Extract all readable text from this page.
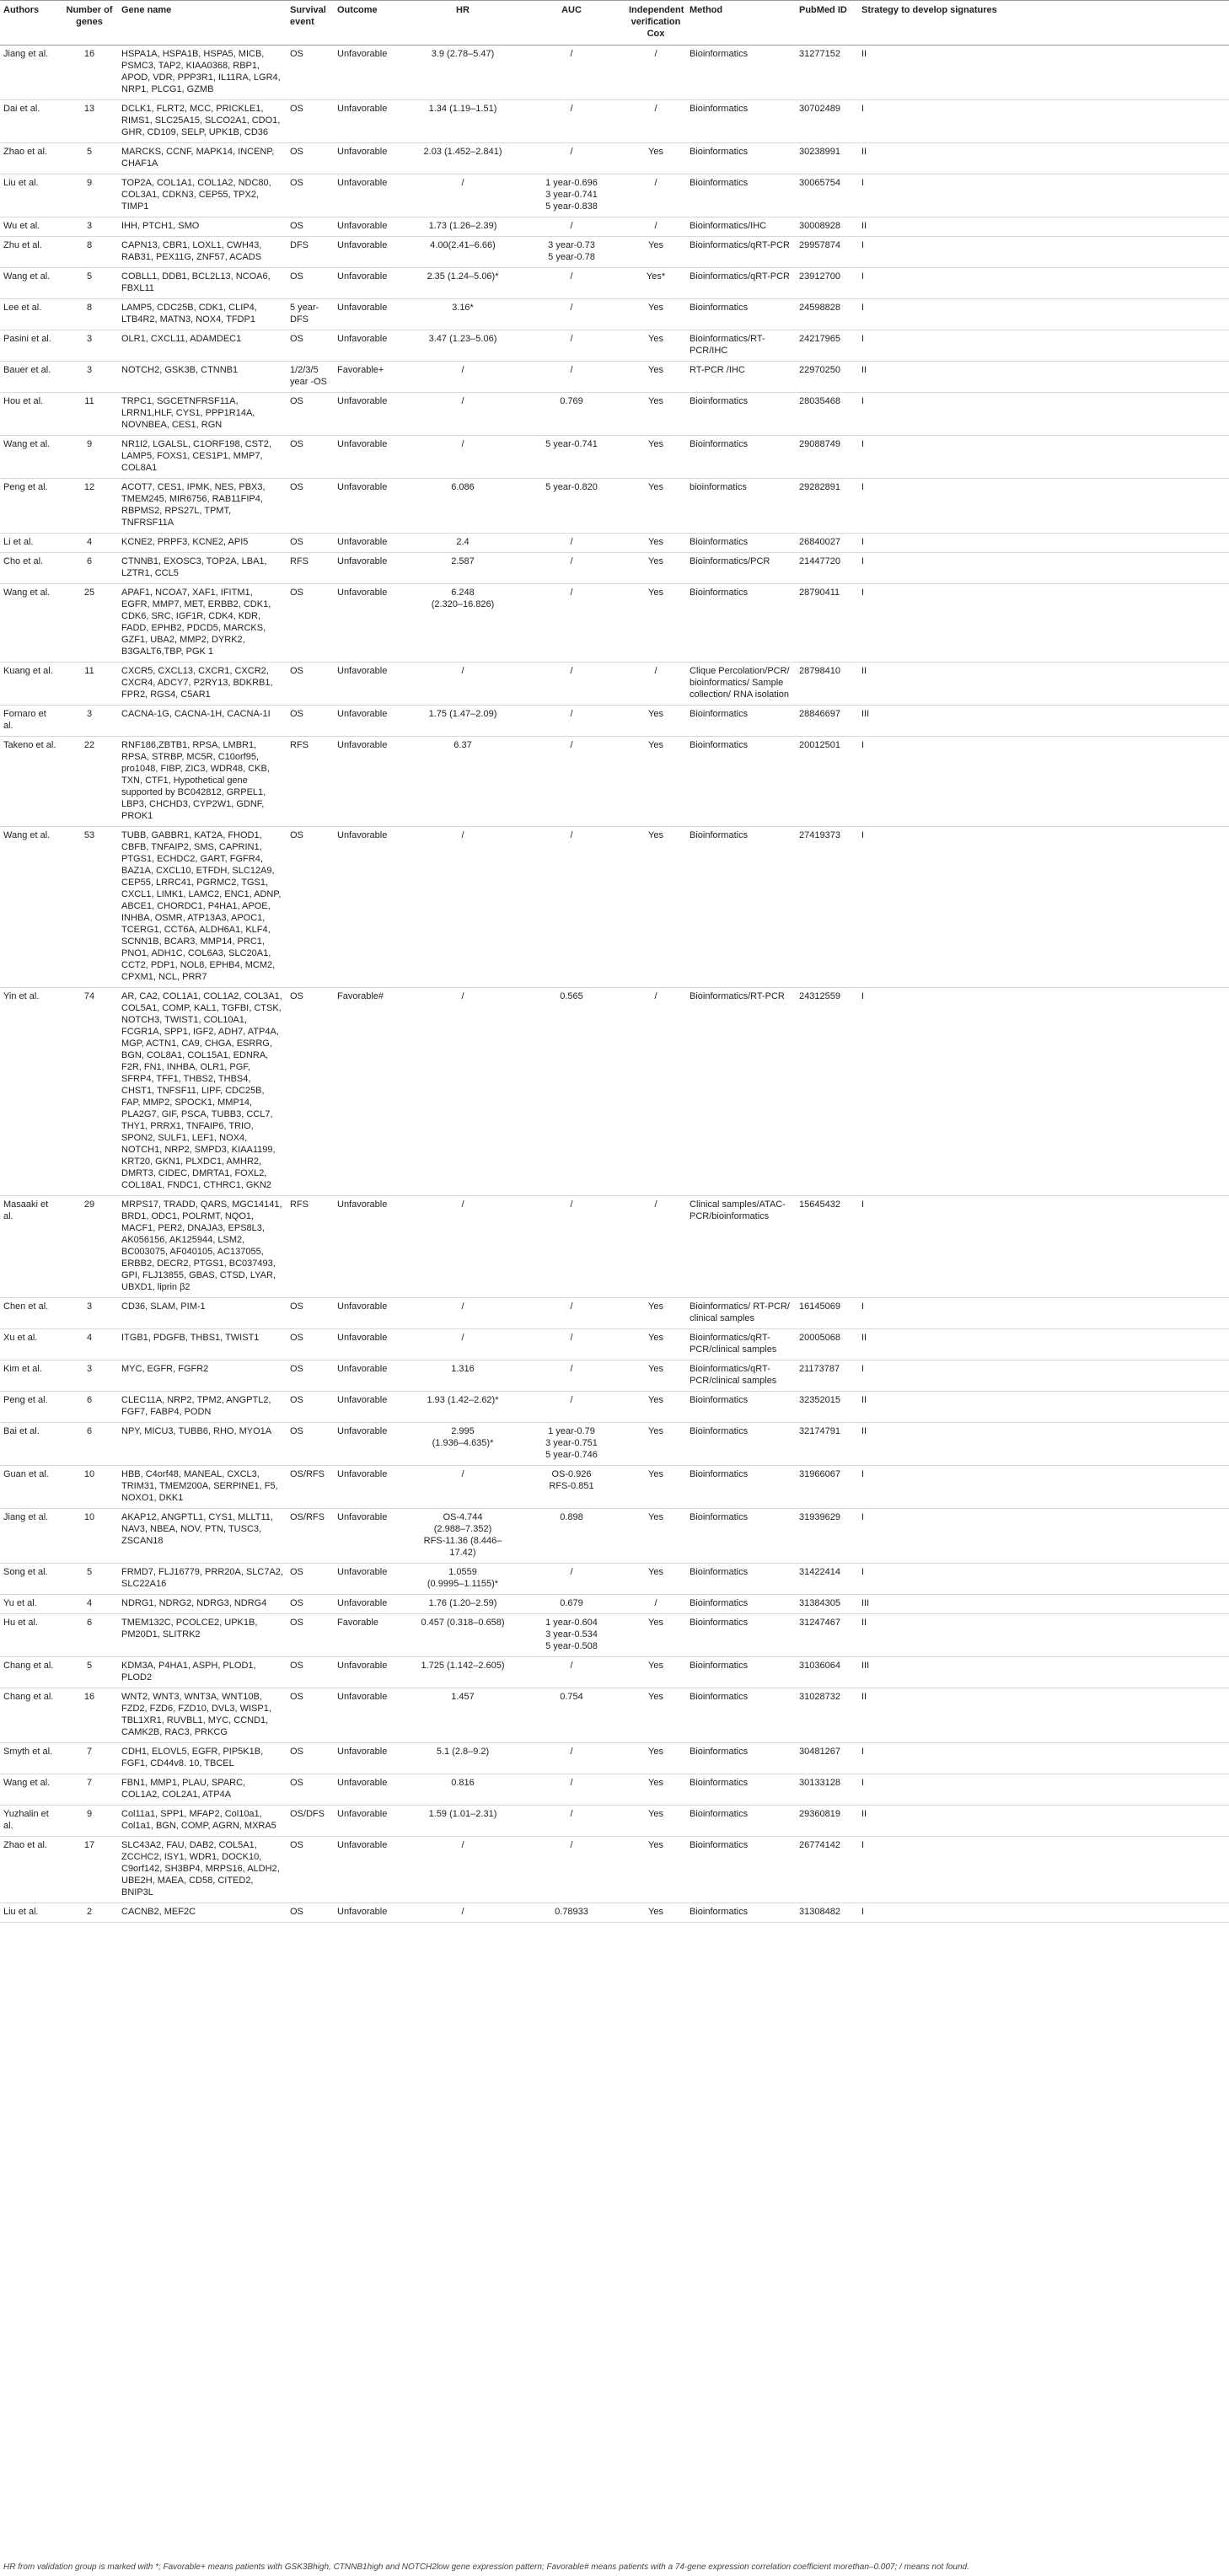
Authors	Number of genes	Gene name	Survival event	Outcome	HR	AUC	Independent verification Cox	Method	PubMed ID	Strategy to develop signatures
Jiang et al.	16	HSPA1A, HSPA1B, HSPA5, MICB, PSMC3, TAP2, KIAA0368, RBP1, APOD, VDR, PPP3R1, IL11RA, LGR4, NRP1, PLCG1, GZMB	OS	Unfavorable	3.9 (2.78–5.47)	/	/	Bioinformatics	31277152	II
Dai et al.	13	DCLK1, FLRT2, MCC, PRICKLE1, RIMS1, SLC25A15, SLCO2A1, CDO1, GHR, CD109, SELP, UPK1B, CD36	OS	Unfavorable	1.34 (1.19–1.51)	/	/	Bioinformatics	30702489	I
Zhao et al.	5	MARCKS, CCNF, MAPK14, INCENP, CHAF1A	OS	Unfavorable	2.03 (1.452–2.841)	/	Yes	Bioinformatics	30238991	II
Liu et al.	9	TOP2A, COL1A1, COL1A2, NDC80, COL3A1, CDKN3, CEP55, TPX2, TIMP1	OS	Unfavorable	/	1 year-0.696
3 year-0.741
5 year-0.838	/	Bioinformatics	30065754	I
Wu et al.	3	IHH, PTCH1, SMO	OS	Unfavorable	1.73 (1.26–2.39)	/	/	Bioinformatics/IHC	30008928	II
Zhu et al.	8	CAPN13, CBR1, LOXL1, CWH43, RAB31, PEX11G, ZNF57, ACADS	DFS	Unfavorable	4.00(2.41–6.66)	3 year-0.73
5 year-0.78	Yes	Bioinformatics/qRT-PCR	29957874	I
Wang et al.	5	COBLL1, DDB1, BCL2L13, NCOA6, FBXL11	OS	Unfavorable	2.35 (1.24–5.06)*	/	Yes*	Bioinformatics/qRT-PCR	23912700	I
Lee et al.	8	LAMP5, CDC25B, CDK1, CLIP4, LTB4R2, MATN3, NOX4, TFDP1	5 year-DFS	Unfavorable	3.16*	/	Yes	Bioinformatics	24598828	I
Pasini et al.	3	OLR1, CXCL11, ADAMDEC1	OS	Unfavorable	3.47 (1.23–5.06)	/	Yes	Bioinformatics/RT-PCR/IHC	24217965	I
Bauer et al.	3	NOTCH2, GSK3B, CTNNB1	1/2/3/5 year -OS	Favorable+	/	/	Yes	RT-PCR /IHC	22970250	II
Hou et al.	11	TRPC1, SGCETNFRSF11A, LRRN1,HLF, CYS1, PPP1R14A, NOVNBEA, CES1, RGN	OS	Unfavorable	/	0.769	Yes	Bioinformatics	28035468	I
Wang et al.	9	NR1I2, LGALSL, C1ORF198, CST2, LAMP5, FOXS1, CES1P1, MMP7, COL8A1	OS	Unfavorable	/	5 year-0.741	Yes	Bioinformatics	29088749	I
Peng et al.	12	ACOT7, CES1, IPMK, NES, PBX3, TMEM245, MIR6756, RAB11FIP4, RBPMS2, RPS27L, TPMT, TNFRSF11A	OS	Unfavorable	6.086	5 year-0.820	Yes	bioinformatics	29282891	I
Li et al.	4	KCNE2, PRPF3, KCNE2, API5	OS	Unfavorable	2.4	/	Yes	Bioinformatics	26840027	I
Cho et al.	6	CTNNB1, EXOSC3, TOP2A, LBA1, LZTR1, CCL5	RFS	Unfavorable	2.587	/	Yes	Bioinformatics/PCR	21447720	I
Wang et al.	25	APAF1, NCOA7, XAF1, IFITM1, EGFR, MMP7, MET, ERBB2, CDK1, CDK6, SRC, IGF1R, CDK4, KDR, FADD, EPHB2, PDCD5, MARCKS, GZF1, UBA2, MMP2, DYRK2, B3GALT6,TBP, PGK 1	OS	Unfavorable	6.248
(2.320–16.826)	/	Yes	Bioinformatics	28790411	I
Kuang et al.	11	CXCR5, CXCL13, CXCR1, CXCR2, CXCR4, ADCY7, P2RY13, BDKRB1, FPR2, RGS4, C5AR1	OS	Unfavorable	/	/	/	Clique Percolation/PCR/ bioinformatics/ Sample collection/ RNA isolation	28798410	II
Fornaro et al.	3	CACNA-1G, CACNA-1H, CACNA-1I	OS	Unfavorable	1.75 (1.47–2.09)	/	Yes	Bioinformatics	28846697	III
Takeno et al.	22	RNF186,ZBTB1, RPSA, LMBR1, RPSA, STRBP, MC5R, C10orf95, pro1048, FIBP, ZIC3, WDR48, CKB, TXN, CTF1, Hypothetical gene supported by BC042812, GRPEL1, LBP3, CHCHD3, CYP2W1, GDNF, PROK1	RFS	Unfavorable	6.37	/	Yes	Bioinformatics	20012501	I
Wang et al.	53	TUBB, GABBR1, KAT2A, FHOD1, CBFB, TNFAIP2, SMS, CAPRIN1, PTGS1, ECHDC2, GART, FGFR4, BAZ1A, CXCL10, ETFDH, SLC12A9, CEP55, LRRC41, PGRMC2, TGS1, CXCL1, LIMK1, LAMC2, ENC1, ADNP, ABCE1, CHORDC1, P4HA1, APOE, INHBA, OSMR, ATP13A3, APOC1, TCERG1, CCT6A, ALDH6A1, KLF4, SCNN1B, BCAR3, MMP14, PRC1, PNO1, ADH1C, COL6A3, SLC20A1, CCT2, PDP1, NOL8, EPHB4, MCM2, CPXM1, NCL, PRR7	OS	Unfavorable	/	/	Yes	Bioinformatics	27419373	I
Yin et al.	74	AR, CA2, COL1A1, COL1A2, COL3A1, COL5A1, COMP, KAL1, TGFBI, CTSK, NOTCH3, TWIST1, COL10A1, FCGR1A, SPP1, IGF2, ADH7, ATP4A, MGP, ACTN1, CA9, CHGA, ESRRG, BGN, COL8A1, COL15A1, EDNRA, F2R, FN1, INHBA, OLR1, PGF, SFRP4, TFF1, THBS2, THBS4, CHST1, TNFSF11, LIPF, CDC25B, FAP, MMP2, SPOCK1, MMP14, PLA2G7, GIF, PSCA, TUBB3, CCL7, THY1, PRRX1, TNFAIP6, TRIO, SPON2, SULF1, LEF1, NOX4, NOTCH1, NRP2, SMPD3, KIAA1199, KRT20, GKN1, PLXDC1, AMHR2, DMRT3, CIDEC, DMRTA1, FOXL2, COL18A1, FNDC1, CTHRC1, GKN2	OS	Favorable#	/	0.565	/	Bioinformatics/RT-PCR	24312559	I
Masaaki et al.	29	MRPS17, TRADD, QARS, MGC14141, BRD1, ODC1, POLRMT, NQO1, MACF1, PER2, DNAJA3, EPS8L3, AK056156, AK125944, LSM2, BC003075, AF040105, AC137055, ERBB2, DECR2, PTGS1, BC037493, GPI, FLJ13855, GBAS, CTSD, LYAR, UBXD1, liprin β2	RFS	Unfavorable	/	/	/	Clinical samples/ATAC-PCR/bioinformatics	15645432	I
Chen et al.	3	CD36, SLAM, PIM-1	OS	Unfavorable	/	/	Yes	Bioinformatics/ RT-PCR/ clinical samples	16145069	I
Xu et al.	4	ITGB1, PDGFB, THBS1, TWIST1	OS	Unfavorable	/	/	Yes	Bioinformatics/qRT-PCR/clinical samples	20005068	II
Kim et al.	3	MYC, EGFR, FGFR2	OS	Unfavorable	1.316	/	Yes	Bioinformatics/qRT-PCR/clinical samples	21173787	I
Peng et al.	6	CLEC11A, NRP2, TPM2, ANGPTL2, FGF7, FABP4, PODN	OS	Unfavorable	1.93 (1.42–2.62)*	/	Yes	Bioinformatics	32352015	II
Bai et al.	6	NPY, MICU3, TUBB6, RHO, MYO1A	OS	Unfavorable	2.995
(1.936–4.635)*	1 year-0.79
3 year-0.751
5 year-0.746	Yes	Bioinformatics	32174791	II
Guan et al.	10	HBB, C4orf48, MANEAL, CXCL3, TRIM31, TMEM200A, SERPINE1, F5, NOXO1, DKK1	OS/RFS	Unfavorable	/	OS-0.926
RFS-0.851	Yes	Bioinformatics	31966067	I
Jiang et al.	10	AKAP12, ANGPTL1, CYS1, MLLT11, NAV3, NBEA, NOV, PTN, TUSC3, ZSCAN18	OS/RFS	Unfavorable	OS-4.744
(2.988–7.352)
RFS-11.36 (8.446–17.42)	0.898	Yes	Bioinformatics	31939629	I
Song et al.	5	FRMD7, FLJ16779, PRR20A, SLC7A2, SLC22A16	OS	Unfavorable	1.0559
(0.9995–1.1155)*	/	Yes	Bioinformatics	31422414	I
Yu et al.	4	NDRG1, NDRG2, NDRG3, NDRG4	OS	Unfavorable	1.76 (1.20–2.59)	0.679	/	Bioinformatics	31384305	III
Hu et al.	6	TMEM132C, PCOLCE2, UPK1B, PM20D1, SLITRK2	OS	Favorable	0.457 (0.318–0.658)	1 year-0.604
3 year-0.534
5 year-0.508	Yes	Bioinformatics	31247467	II
Chang et al.	5	KDM3A, P4HA1, ASPH, PLOD1, PLOD2	OS	Unfavorable	1.725 (1.142–2.605)	/	Yes	Bioinformatics	31036064	III
Chang et al.	16	WNT2, WNT3, WNT3A, WNT10B, FZD2, FZD6, FZD10, DVL3, WISP1, TBL1XR1, RUVBL1, MYC, CCND1, CAMK2B, RAC3, PRKCG	OS	Unfavorable	1.457	0.754	Yes	Bioinformatics	31028732	II
Smyth et al.	7	CDH1, ELOVL5, EGFR, PIP5K1B, FGF1, CD44v8. 10, TBCEL	OS	Unfavorable	5.1 (2.8–9.2)	/	Yes	Bioinformatics	30481267	I
Wang et al.	7	FBN1, MMP1, PLAU, SPARC, COL1A2, COL2A1, ATP4A	OS	Unfavorable	0.816	/	Yes	Bioinformatics	30133128	I
Yuzhalin et al.	9	Col11a1, SPP1, MFAP2, Col10a1, Col1a1, BGN, COMP, AGRN, MXRA5	OS/DFS	Unfavorable	1.59 (1.01–2.31)	/	Yes	Bioinformatics	29360819	II
Zhao et al.	17	SLC43A2, FAU, DAB2, COL5A1, ZCCHC2, ISY1, WDR1, DOCK10, C9orf142, SH3BP4, MRPS16, ALDH2, UBE2H, MAEA, CD58, CITED2, BNIP3L	OS	Unfavorable	/	/	Yes	Bioinformatics	26774142	I
Liu et al.	2	CACNB2, MEF2C	OS	Unfavorable	/	0.78933	Yes	Bioinformatics	31308482	I
HR from validation group is marked with *; Favorable+ means patients with GSK3Bhigh, CTNNB1high and NOTCH2low gene expression pattern; Favorable# means patients with a 74-gene expression correlation coefficient morethan–0.007; / means not found.
